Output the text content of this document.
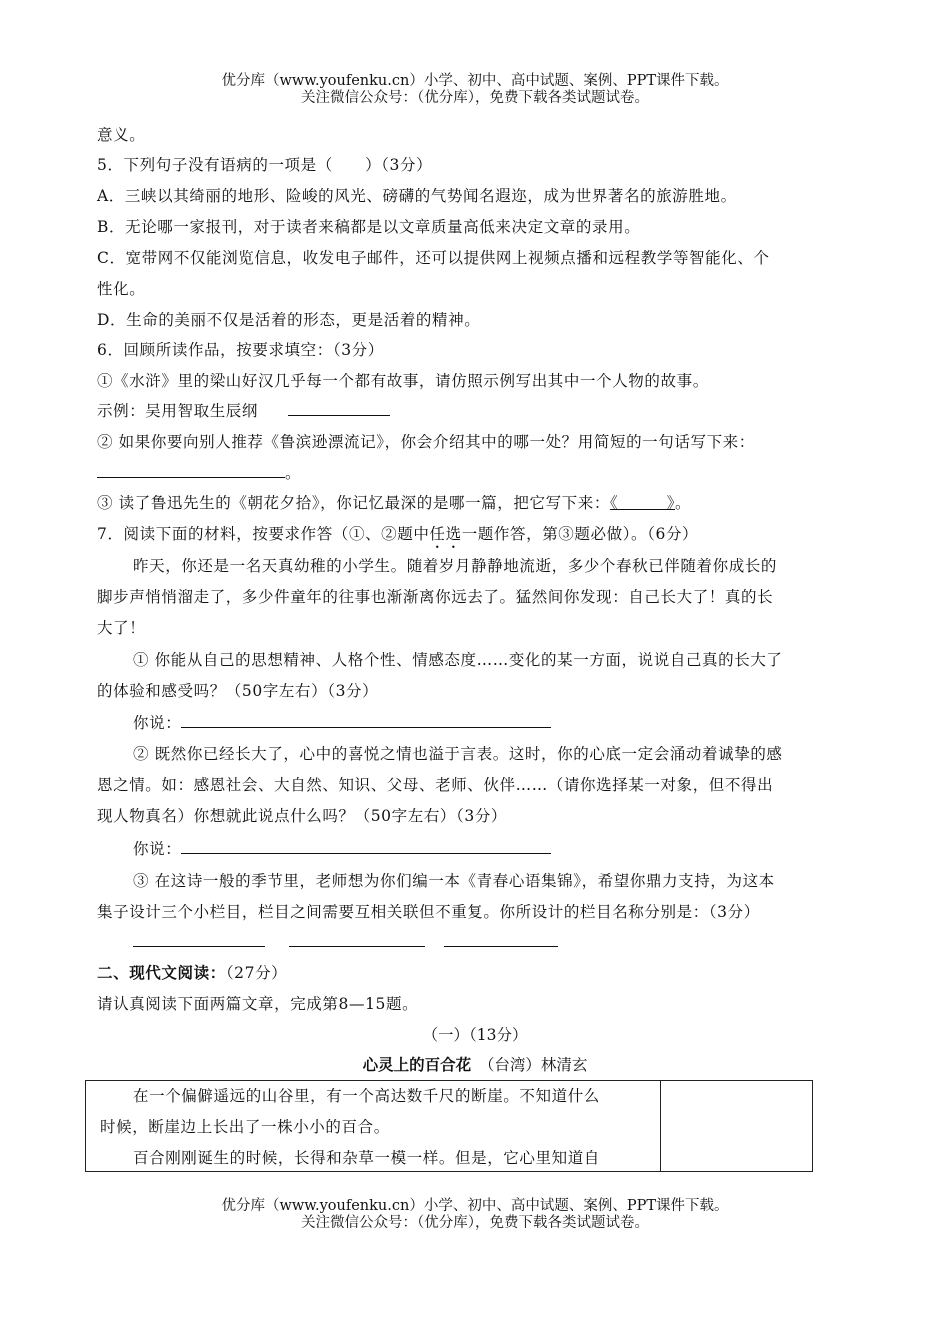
优分库（www.youfenku.cn）小学、初中、高中试题、案例、PPT课件下载。
关注微信公众号：（优分库），免费下载各类试题试卷。
意义。
5．下列句子没有语病的一项是（　　）（3分）
A．三峡以其绮丽的地形、险峻的风光、磅礴的气势闻名遐迩，成为世界著名的旅游胜地。
B．无论哪一家报刊，对于读者来稿都是以文章质量高低来决定文章的录用。
C．宽带网不仅能浏览信息，收发电子邮件，还可以提供网上视频点播和远程教学等智能化、个
性化。
D．生命的美丽不仅是活着的形态，更是活着的精神。
6．回顾所读作品，按要求填空：（3分）
①《水浒》里的梁山好汉几乎每一个都有故事，请仿照示例写出其中一个人物的故事。
示例：吴用智取生辰纲
② 如果你要向别人推荐《鲁滨逊漂流记》，你会介绍其中的哪一处？用简短的一句话写下来：
。
③ 读了鲁迅先生的《朝花夕拾》，你记忆最深的是哪一篇，把它写下来：《　　　》。
7．阅读下面的材料，按要求作答（①、②题中任选一题作答，第③题必做）。（6分）
昨天，你还是一名天真幼稚的小学生。随着岁月静静地流逝，多少个春秋已伴随着你成长的
脚步声悄悄溜走了，多少件童年的往事也渐渐离你远去了。猛然间你发现：自己长大了！真的长
大了！
① 你能从自己的思想精神、人格个性、情感态度……变化的某一方面，说说自己真的长大了
的体验和感受吗？（50字左右）（3分）
你说：
② 既然你已经长大了，心中的喜悦之情也溢于言表。这时，你的心底一定会涌动着诚挚的感
恩之情。如：感恩社会、大自然、知识、父母、老师、伙伴……（请你选择某一对象，但不得出
现人物真名）你想就此说点什么吗？（50字左右）（3分）
你说：
③ 在这诗一般的季节里，老师想为你们编一本《青春心语集锦》，希望你鼎力支持，为这本
集子设计三个小栏目，栏目之间需要互相关联但不重复。你所设计的栏目名称分别是：（3分）

二、现代文阅读：（27分）
请认真阅读下面两篇文章，完成第8—15题。
（一）（13分）
心灵上的百合花  （台湾）林清玄
在一个偏僻遥远的山谷里，有一个高达数千尺的断崖。不知道什么
时候，断崖边上长出了一株小小的百合。
百合刚刚诞生的时候，长得和杂草一模一样。但是，它心里知道自
优分库（www.youfenku.cn）小学、初中、高中试题、案例、PPT课件下载。
关注微信公众号：（优分库），免费下载各类试题试卷。
